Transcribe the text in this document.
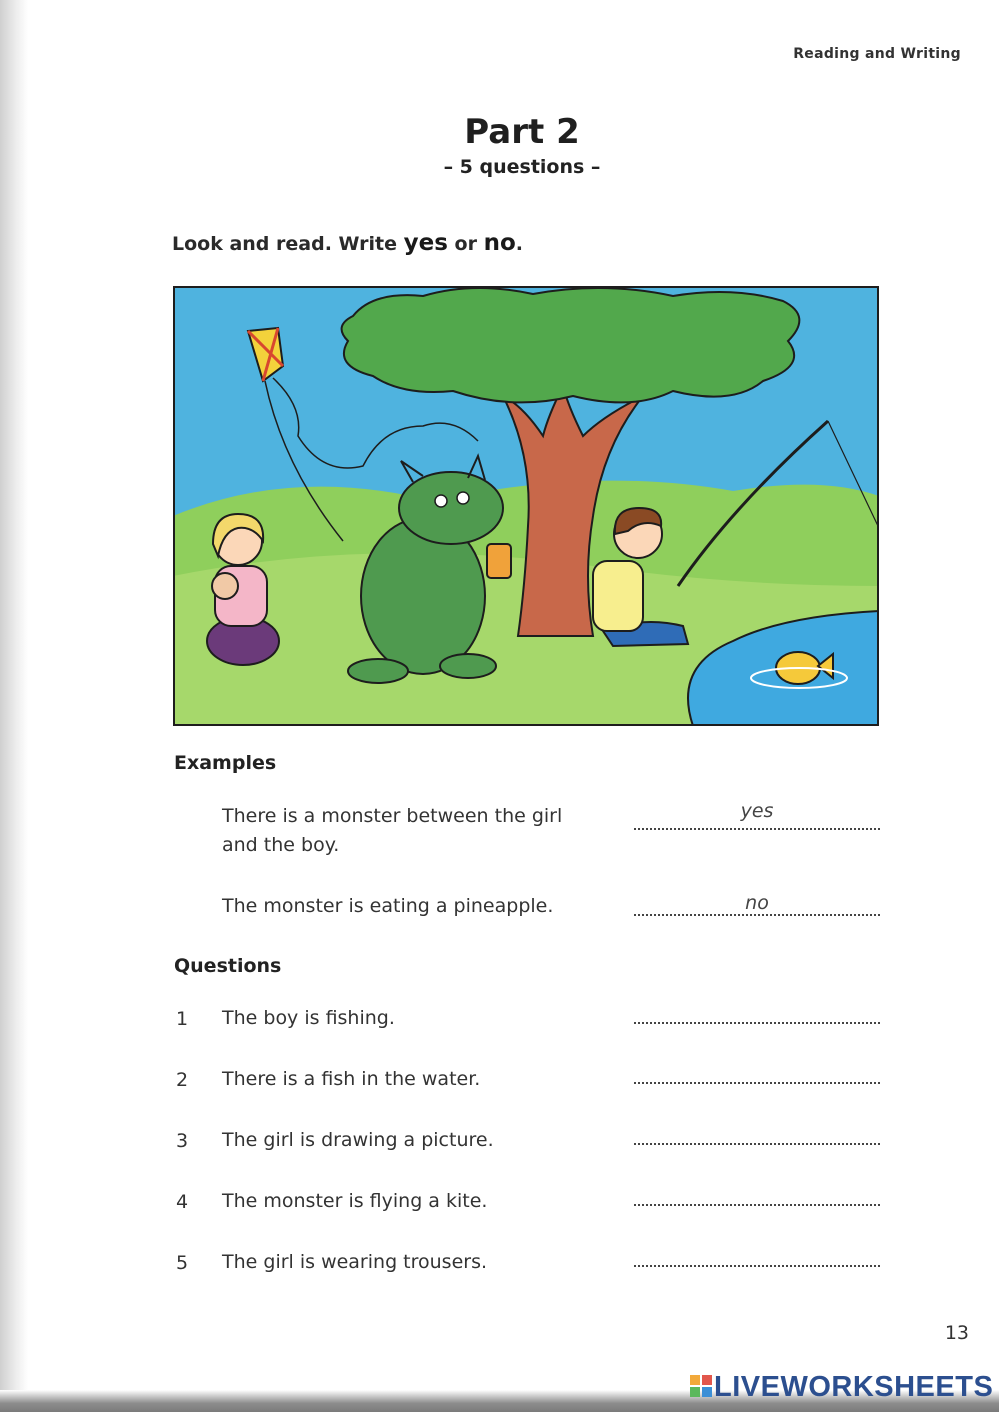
Reading and Writing
Part 2
– 5 questions –
Look and read. Write yes or no.
Examples
There is a monster between the girl
and the boy.
yes
The monster is eating a pineapple.	no
Questions
1 The boy is fishing.
2 There is a fish in the water.
3 The girl is drawing a picture.
4 The monster is flying a kite.
5 The girl is wearing trousers.
13
LIVEWORKSHEETS
